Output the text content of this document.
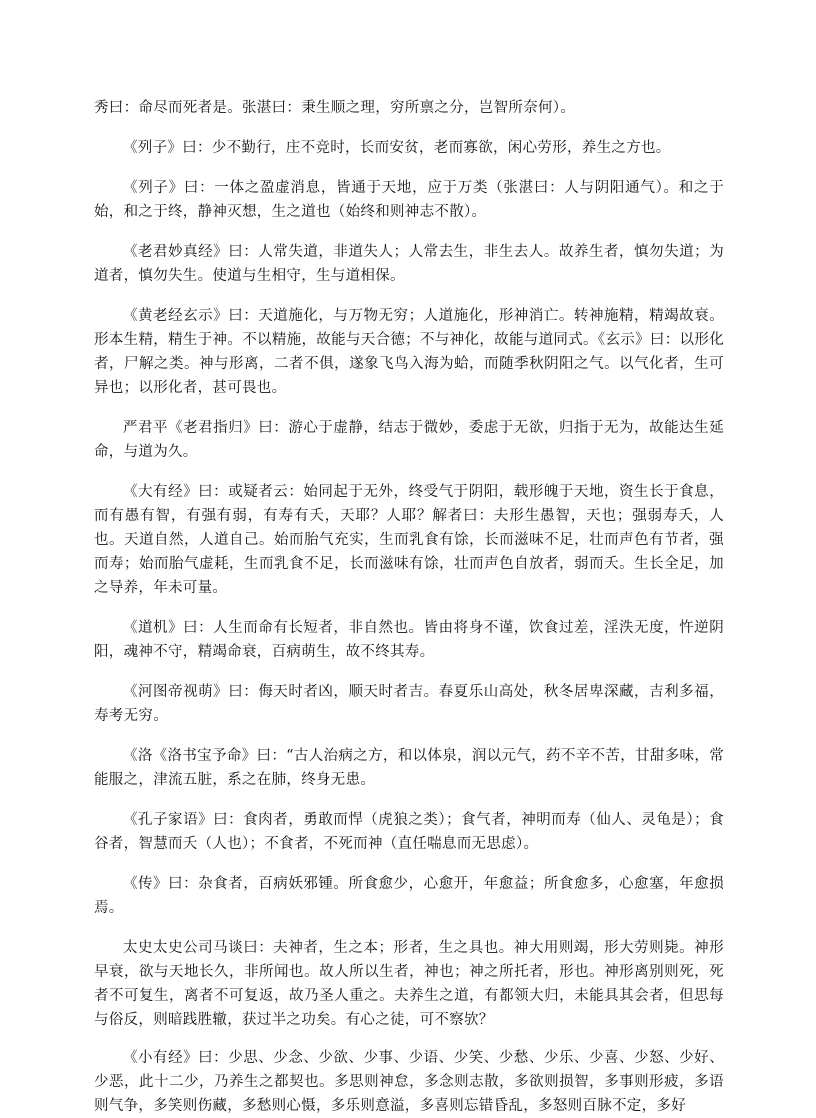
秀曰：命尽而死者是。张湛曰：秉生顺之理，穷所禀之分，岂智所奈何）。

《列子》曰：少不勤行，庄不竞时，长而安贫，老而寡欲，闲心劳形，养生之方也。

《列子》曰：一体之盈虚消息，皆通于天地，应于万类（张湛曰：人与阴阳通气）。和之于始，和之于终，静神灭想，生之道也（始终和则神志不散）。

《老君妙真经》曰：人常失道，非道失人；人常去生，非生去人。故养生者，慎勿失道；为道者，慎勿失生。使道与生相守，生与道相保。

《黄老经玄示》曰：天道施化，与万物无穷；人道施化，形神消亡。转神施精，精竭故衰。形本生精，精生于神。不以精施，故能与天合德；不与神化，故能与道同式。《玄示》曰：以形化者，尸解之类。神与形离，二者不俱，遂象飞鸟入海为蛤，而随季秋阴阳之气。以气化者，生可异也；以形化者，甚可畏也。

严君平《老君指归》曰：游心于虚静，结志于微妙，委虑于无欲，归指于无为，故能达生延命，与道为久。

《大有经》曰：或疑者云：始同起于无外，终受气于阴阳，载形魄于天地，资生长于食息，而有愚有智，有强有弱，有寿有夭，天耶？人耶？解者曰：夫形生愚智，天也；强弱寿夭，人也。天道自然，人道自己。始而胎气充实，生而乳食有馀，长而滋味不足，壮而声色有节者，强而寿；始而胎气虚耗，生而乳食不足，长而滋味有馀，壮而声色自放者，弱而夭。生长全足，加之导养，年未可量。

《道机》曰：人生而命有长短者，非自然也。皆由将身不谨，饮食过差，淫泆无度，忤逆阴阳，魂神不守，精竭命衰，百病萌生，故不终其寿。

《河图帝视萌》曰：侮天时者凶，顺天时者吉。春夏乐山高处，秋冬居卑深藏，吉利多福，寿考无穷。

《洛《洛书宝予命》曰：“古人治病之方，和以体泉，润以元气，药不辛不苦，甘甜多味，常能服之，津流五脏，系之在肺，终身无患。

《孔子家语》曰：食肉者，勇敢而悍（虎狼之类）；食气者，神明而寿（仙人、灵龟是）；食谷者，智慧而夭（人也）；不食者，不死而神（直任喘息而无思虑）。

《传》曰：杂食者，百病妖邪锺。所食愈少，心愈开，年愈益；所食愈多，心愈塞，年愈损焉。

太史太史公司马谈曰：夫神者，生之本；形者，生之具也。神大用则竭，形大劳则毙。神形早衰，欲与天地长久，非所闻也。故人所以生者，神也；神之所托者，形也。神形离别则死，死者不可复生，离者不可复返，故乃圣人重之。夫养生之道，有都领大归，未能具其会者，但思每与俗反，则暗践胜辙，获过半之功矣。有心之徒，可不察欤？

《小有经》曰：少思、少念、少欲、少事、少语、少笑、少愁、少乐、少喜、少怒、少好、少恶，此十二少，乃养生之都契也。多思则神怠，多念则志散，多欲则损智，多事则形疲，多语则气争，多笑则伤藏，多愁则心慑，多乐则意溢，多喜则忘错昏乱，多怒则百脉不定，多好
